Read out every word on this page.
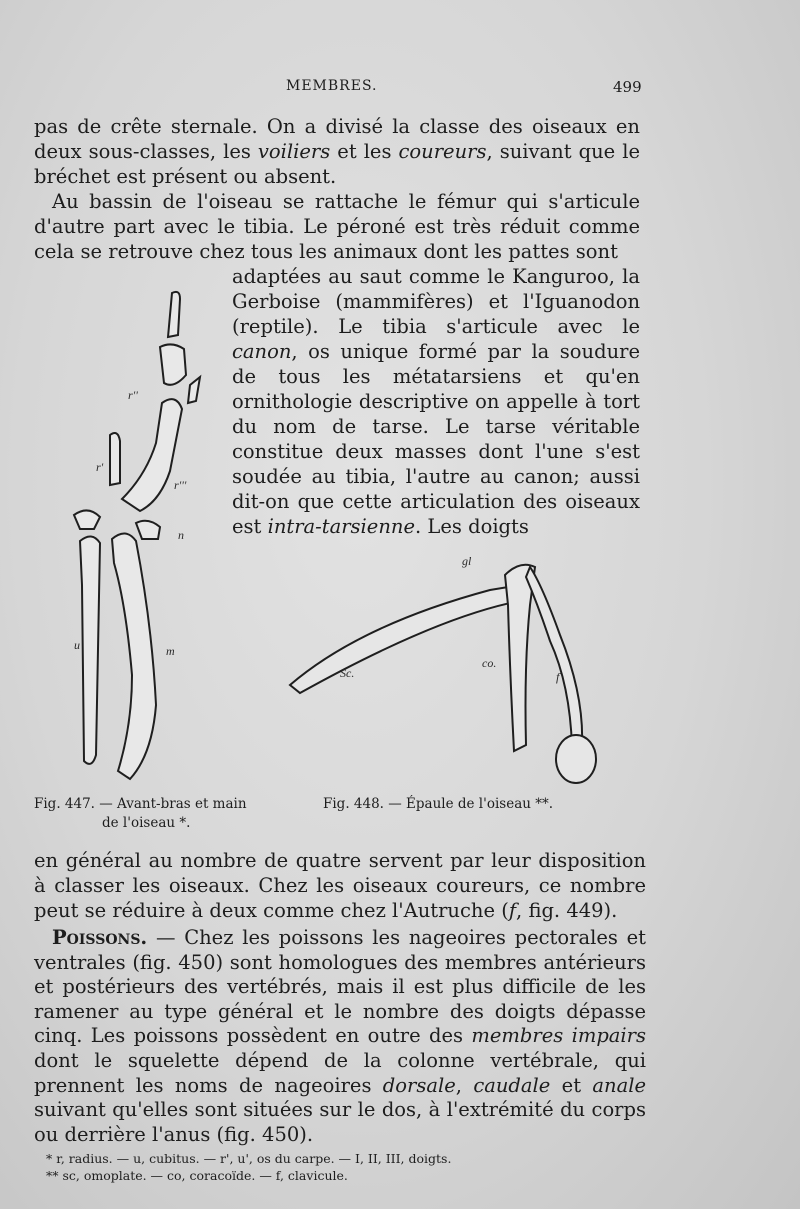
MEMBRES.	499

pas de crête sternale. On a divisé la classe des oiseaux en deux sous-classes, les voiliers et les coureurs, suivant que le bréchet est présent ou absent.

Au bassin de l'oiseau se rattache le fémur qui s'articule d'autre part avec le tibia. Le péroné est très réduit comme cela se retrouve chez tous les animaux dont les pattes sont

adaptées au saut comme le Kanguroo, la Gerboise (mammifères) et l'Iguanodon (reptile). Le tibia s'articule avec le canon, os unique formé par la soudure de tous les métatarsiens et qu'en ornithologie descriptive on appelle à tort du nom de tarse. Le tarse véritable constitue deux masses dont l'une s'est soudée au tibia, l'autre au canon; aussi dit-on que cette articulation des oiseaux est intra-tarsienne. Les doigts

r''
r'
r'''
n
u	m
gl
Sc.
co.
f
Fig. 447. — Avant-bras et main
de l'oiseau *.
Fig. 448. — Épaule de l'oiseau **.

en général au nombre de quatre servent par leur disposition à classer les oiseaux. Chez les oiseaux coureurs, ce nombre peut se réduire à deux comme chez l'Autruche (f, fig. 449).

Poissons. — Chez les poissons les nageoires pectorales et ventrales (fig. 450) sont homologues des membres antérieurs et postérieurs des vertébrés, mais il est plus difficile de les ramener au type général et le nombre des doigts dépasse cinq. Les poissons possèdent en outre des membres impairs dont le squelette dépend de la colonne vertébrale, qui prennent les noms de nageoires dorsale, caudale et anale suivant qu'elles sont situées sur le dos, à l'extrémité du corps ou derrière l'anus (fig. 450).

* r, radius. — u, cubitus. — r', u', os du carpe. — I, II, III, doigts.
** sc, omoplate. — co, coracoïde. — f, clavicule.
